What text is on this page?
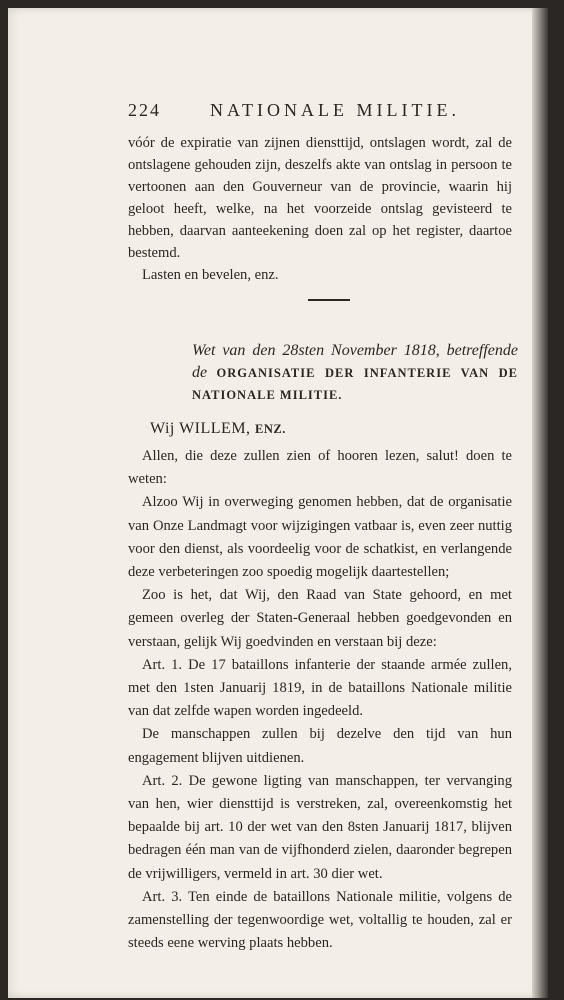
224	NATIONALE MILITIE.

vóór de expiratie van zijnen diensttijd, ontslagen wordt, zal de ontslagene gehouden zijn, deszelfs akte van ontslag in persoon te vertoonen aan den Gouverneur van de provincie, waarin hij geloot heeft, welke, na het voorzeide ontslag gevisteerd te hebben, daarvan aanteekening doen zal op het register, daartoe bestemd.

Lasten en bevelen, enz.

Wet van den 28sten November 1818, betreffende de ORGANISATIE DER INFANTERIE VAN DE NATIONALE MILITIE.
Wij WILLEM, ENZ.

Allen, die deze zullen zien of hooren lezen, salut! doen te weten:

Alzoo Wij in overweging genomen hebben, dat de organisatie van Onze Landmagt voor wijzigingen vatbaar is, even zeer nuttig voor den dienst, als voordeelig voor de schatkist, en verlangende deze verbeteringen zoo spoedig mogelijk daartestellen;

Zoo is het, dat Wij, den Raad van State gehoord, en met gemeen overleg der Staten-Generaal hebben goedgevonden en verstaan, gelijk Wij goedvinden en verstaan bij deze:

Art. 1. De 17 bataillons infanterie der staande armée zullen, met den 1sten Januarij 1819, in de bataillons Nationale militie van dat zelfde wapen worden ingedeeld.

De manschappen zullen bij dezelve den tijd van hun engagement blijven uitdienen.

Art. 2. De gewone ligting van manschappen, ter vervanging van hen, wier diensttijd is verstreken, zal, overeenkomstig het bepaalde bij art. 10 der wet van den 8sten Januarij 1817, blijven bedragen één man van de vijfhonderd zielen, daaronder begrepen de vrijwilligers, vermeld in art. 30 dier wet.

Art. 3. Ten einde de bataillons Nationale militie, volgens de zamenstelling der tegenwoordige wet, voltallig te houden, zal er steeds eene werving plaats hebben.
